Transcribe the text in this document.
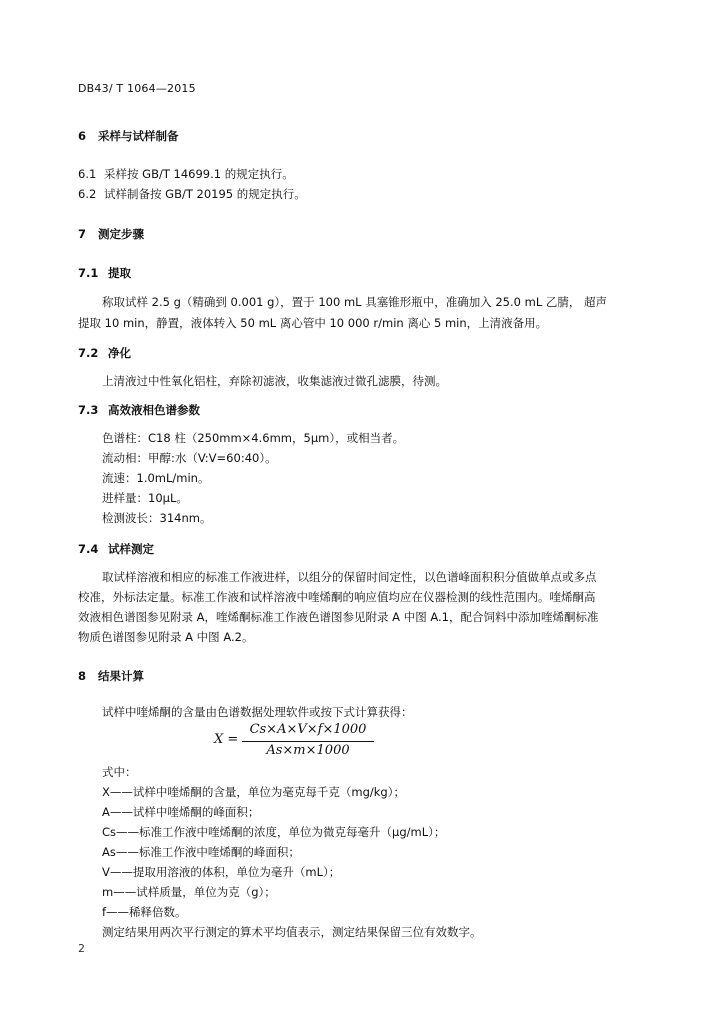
DB43/ T 1064—2015
6 采样与试样制备
6.1 采样按 GB/T 14699.1 的规定执行。
6.2 试样制备按 GB/T 20195 的规定执行。
7 测定步骤
7.1 提取
称取试样 2.5 g（精确到 0.001 g），置于 100 mL 具塞锥形瓶中，准确加入 25.0 mL 乙腈， 超声
提取 10 min，静置，液体转入 50 mL 离心管中 10 000 r/min 离心 5 min，上清液备用。
7.2 净化
上清液过中性氧化铝柱，弃除初滤液，收集滤液过微孔滤膜，待测。
7.3 高效液相色谱参数
色谱柱：C18 柱（250mm×4.6mm，5μm），或相当者。
流动相：甲醇:水（V:V=60:40）。
流速：1.0mL/min。
进样量：10μL。
检测波长：314nm。
7.4 试样测定
取试样溶液和相应的标准工作液进样，以组分的保留时间定性，以色谱峰面积积分值做单点或多点
校准，外标法定量。标准工作液和试样溶液中喹烯酮的响应值均应在仪器检测的线性范围内。喹烯酮高
效液相色谱图参见附录 A，喹烯酮标准工作液色谱图参见附录 A 中图 A.1，配合饲料中添加喹烯酮标准
物质色谱图参见附录 A 中图 A.2。
8 结果计算
试样中喹烯酮的含量由色谱数据处理软件或按下式计算获得：
X =
Cs×A×V×f×1000
As×m×1000
式中：
X——试样中喹烯酮的含量，单位为毫克每千克（mg/kg）；
A——试样中喹烯酮的峰面积；
Cs——标准工作液中喹烯酮的浓度，单位为微克每毫升（μg/mL）；
As——标准工作液中喹烯酮的峰面积；
V——提取用溶液的体积，单位为毫升（mL）；
m——试样质量，单位为克（g）；
f——稀释倍数。
测定结果用两次平行测定的算术平均值表示，测定结果保留三位有效数字。
2
